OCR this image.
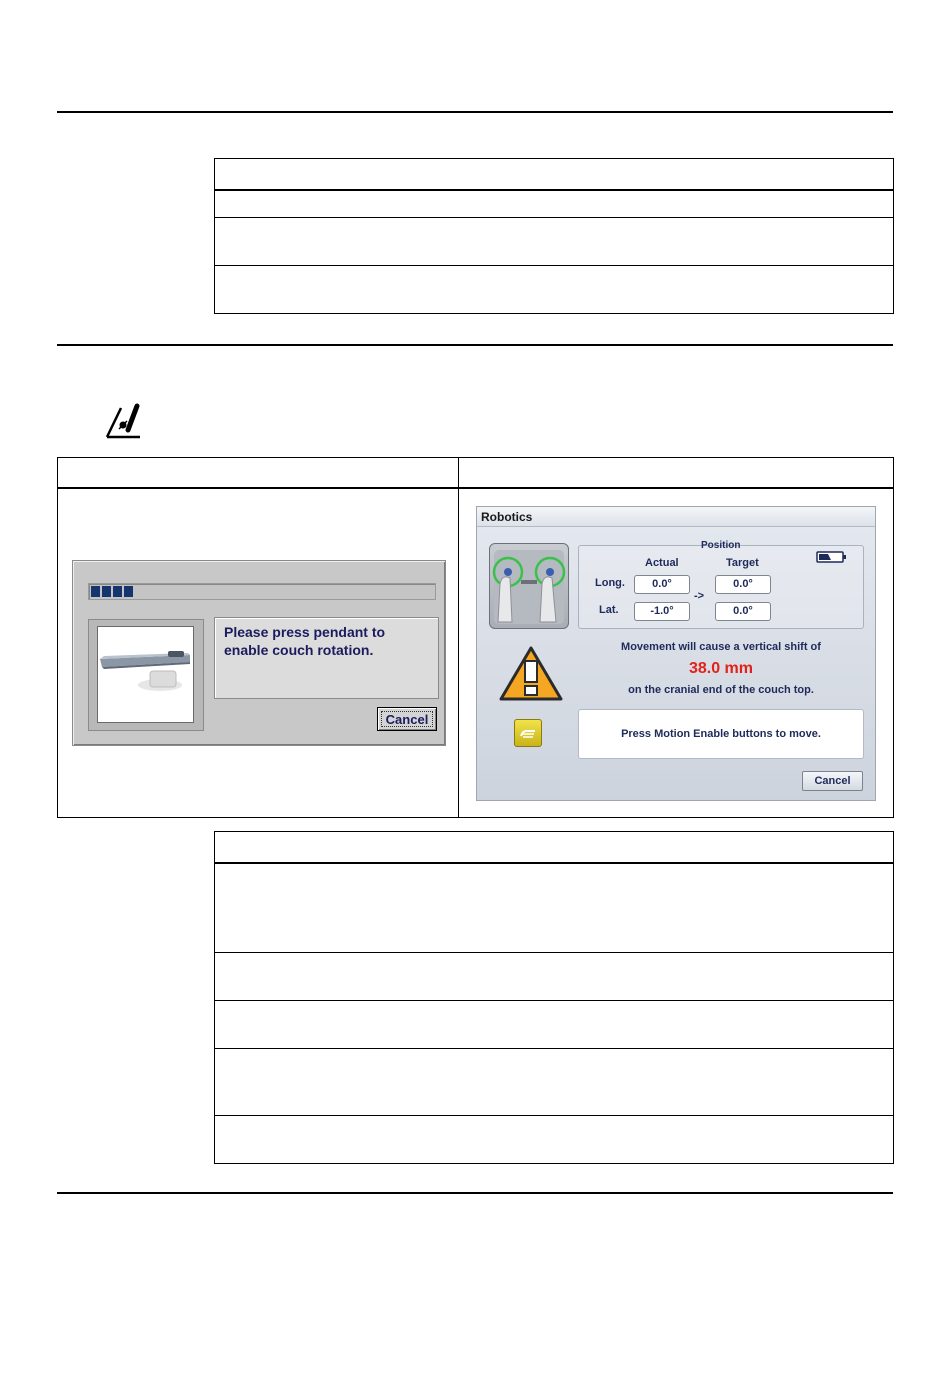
Please press pendant to enable couch rotation.
Cancel
Robotics
Position
Actual	Target
Long.	0.0°	0.0°
->
Lat.	-1.0°	0.0°
Movement will cause a vertical shift of
38.0 mm
on the cranial end of the couch top.
Press Motion Enable buttons to move.
Cancel
